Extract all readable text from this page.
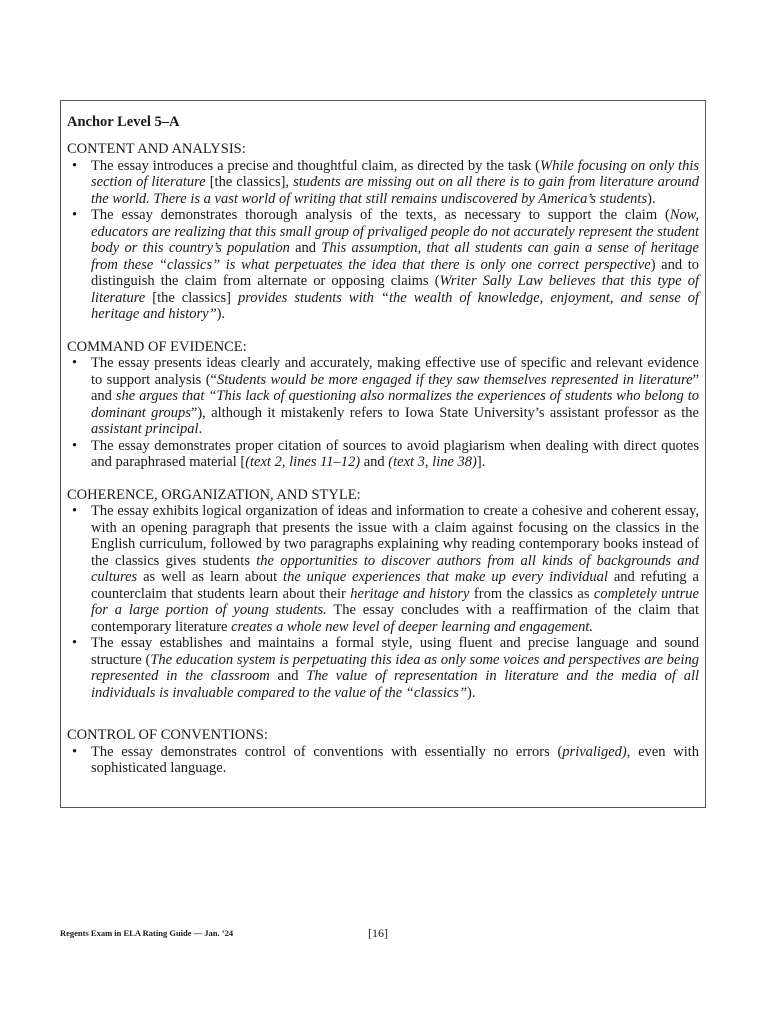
Anchor Level 5–A

CONTENT AND ANALYSIS:

• The essay introduces a precise and thoughtful claim, as directed by the task (While focusing on only this section of literature [the classics], students are missing out on all there is to gain from literature around the world. There is a vast world of writing that still remains undiscovered by America’s students).
• The essay demonstrates thorough analysis of the texts, as necessary to support the claim (Now, educators are realizing that this small group of privaliged people do not accurately represent the student body or this country’s population and This assumption, that all students can gain a sense of heritage from these “classics” is what perpetuates the idea that there is only one correct perspective) and to distinguish the claim from alternate or opposing claims (Writer Sally Law believes that this type of literature [the classics] provides students with “the wealth of knowledge, enjoyment, and sense of heritage and history”).

COMMAND OF EVIDENCE:

• The essay presents ideas clearly and accurately, making effective use of specific and relevant evidence to support analysis (“Students would be more engaged if they saw themselves represented in literature” and she argues that “This lack of questioning also normalizes the experiences of students who belong to dominant groups”), although it mistakenly refers to Iowa State University’s assistant professor as the assistant principal.
• The essay demonstrates proper citation of sources to avoid plagiarism when dealing with direct quotes and paraphrased material [(text 2, lines 11–12) and (text 3, line 38)].

COHERENCE, ORGANIZATION, AND STYLE:

• The essay exhibits logical organization of ideas and information to create a cohesive and coherent essay, with an opening paragraph that presents the issue with a claim against focusing on the classics in the English curriculum, followed by two paragraphs explaining why reading contemporary books instead of the classics gives students the opportunities to discover authors from all kinds of backgrounds and cultures as well as learn about the unique experiences that make up every individual and refuting a counterclaim that students learn about their heritage and history from the classics as completely untrue for a large portion of young students. The essay concludes with a reaffirmation of the claim that contemporary literature creates a whole new level of deeper learning and engagement.
• The essay establishes and maintains a formal style, using fluent and precise language and sound structure (The education system is perpetuating this idea as only some voices and perspectives are being represented in the classroom and The value of representation in literature and the media of all individuals is invaluable compared to the value of the “classics”).

CONTROL OF CONVENTIONS:

• The essay demonstrates control of conventions with essentially no errors (privaliged), even with sophisticated language.
Regents Exam in ELA Rating Guide — Jan. ’24	[16]
